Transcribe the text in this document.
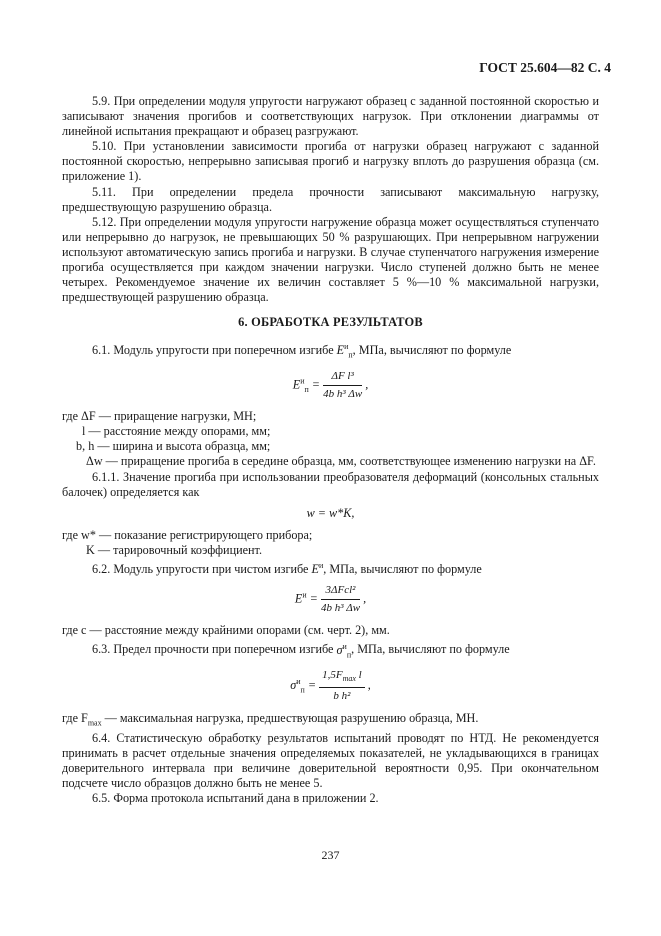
ГОСТ 25.604—82 С. 4

5.9. При определении модуля упругости нагружают образец с заданной постоянной скоростью и записывают значения прогибов и соответствующих нагрузок. При отклонении диаграммы от линейной испытания прекращают и образец разгружают.

5.10. При установлении зависимости прогиба от нагрузки образец нагружают с заданной постоянной скоростью, непрерывно записывая прогиб и нагрузку вплоть до разрушения образца (см. приложение 1).

5.11. При определении предела прочности записывают максимальную нагрузку, предшествующую разрушению образца.

5.12. При определении модуля упругости нагружение образца может осуществляться ступенчато или непрерывно до нагрузок, не превышающих 50 % разрушающих. При непрерывном нагружении используют автоматическую запись прогиба и нагрузки. В случае ступенчатого нагружения измерение прогиба осуществляется при каждом значении нагрузки. Число ступеней должно быть не менее четырех. Рекомендуемое значение их величин составляет 5 %—10 % максимальной нагрузки, предшествующей разрушению образца.

6. ОБРАБОТКА РЕЗУЛЬТАТОВ

6.1. Модуль упругости при поперечном изгибе $E^и_п$, МПа, вычисляют по формуле

$E^и_п = \frac{\text{ΔF l³}}{\text{4b h³ Δw}}$ ,

где ΔF — приращение нагрузки, МН;

l — расстояние между опорами, мм;

b, h — ширина и высота образца, мм;

Δw — приращение прогиба в середине образца, мм, соответствующее изменению нагрузки на ΔF.

6.1.1. Значение прогиба при использовании преобразователя деформаций (консольных стальных балочек) определяется как

w = w*K,

где w* — показание регистрирующего прибора;

K — тарировочный коэффициент.

6.2. Модуль упругости при чистом изгибе $E^и$, МПа, вычисляют по формуле

$E^и = \frac{\text{3ΔFcl²}}{\text{4b h³ Δw}}$ ,

где c — расстояние между крайними опорами (см. черт. 2), мм.

6.3. Предел прочности при поперечном изгибе $\sigma^и_п$, МПа, вычисляют по формуле

$\sigma^и_п = \frac{1,5F_{max} l}{\text{b h²}}$ ,

где $F_{max}$ — максимальная нагрузка, предшествующая разрушению образца, МН.

6.4. Статистическую обработку результатов испытаний проводят по НТД. Не рекомендуется принимать в расчет отдельные значения определяемых показателей, не укладывающихся в границах доверительного интервала при величине доверительной вероятности 0,95. При окончательном подсчете число образцов должно быть не менее 5.

6.5. Форма протокола испытаний дана в приложении 2.

237
